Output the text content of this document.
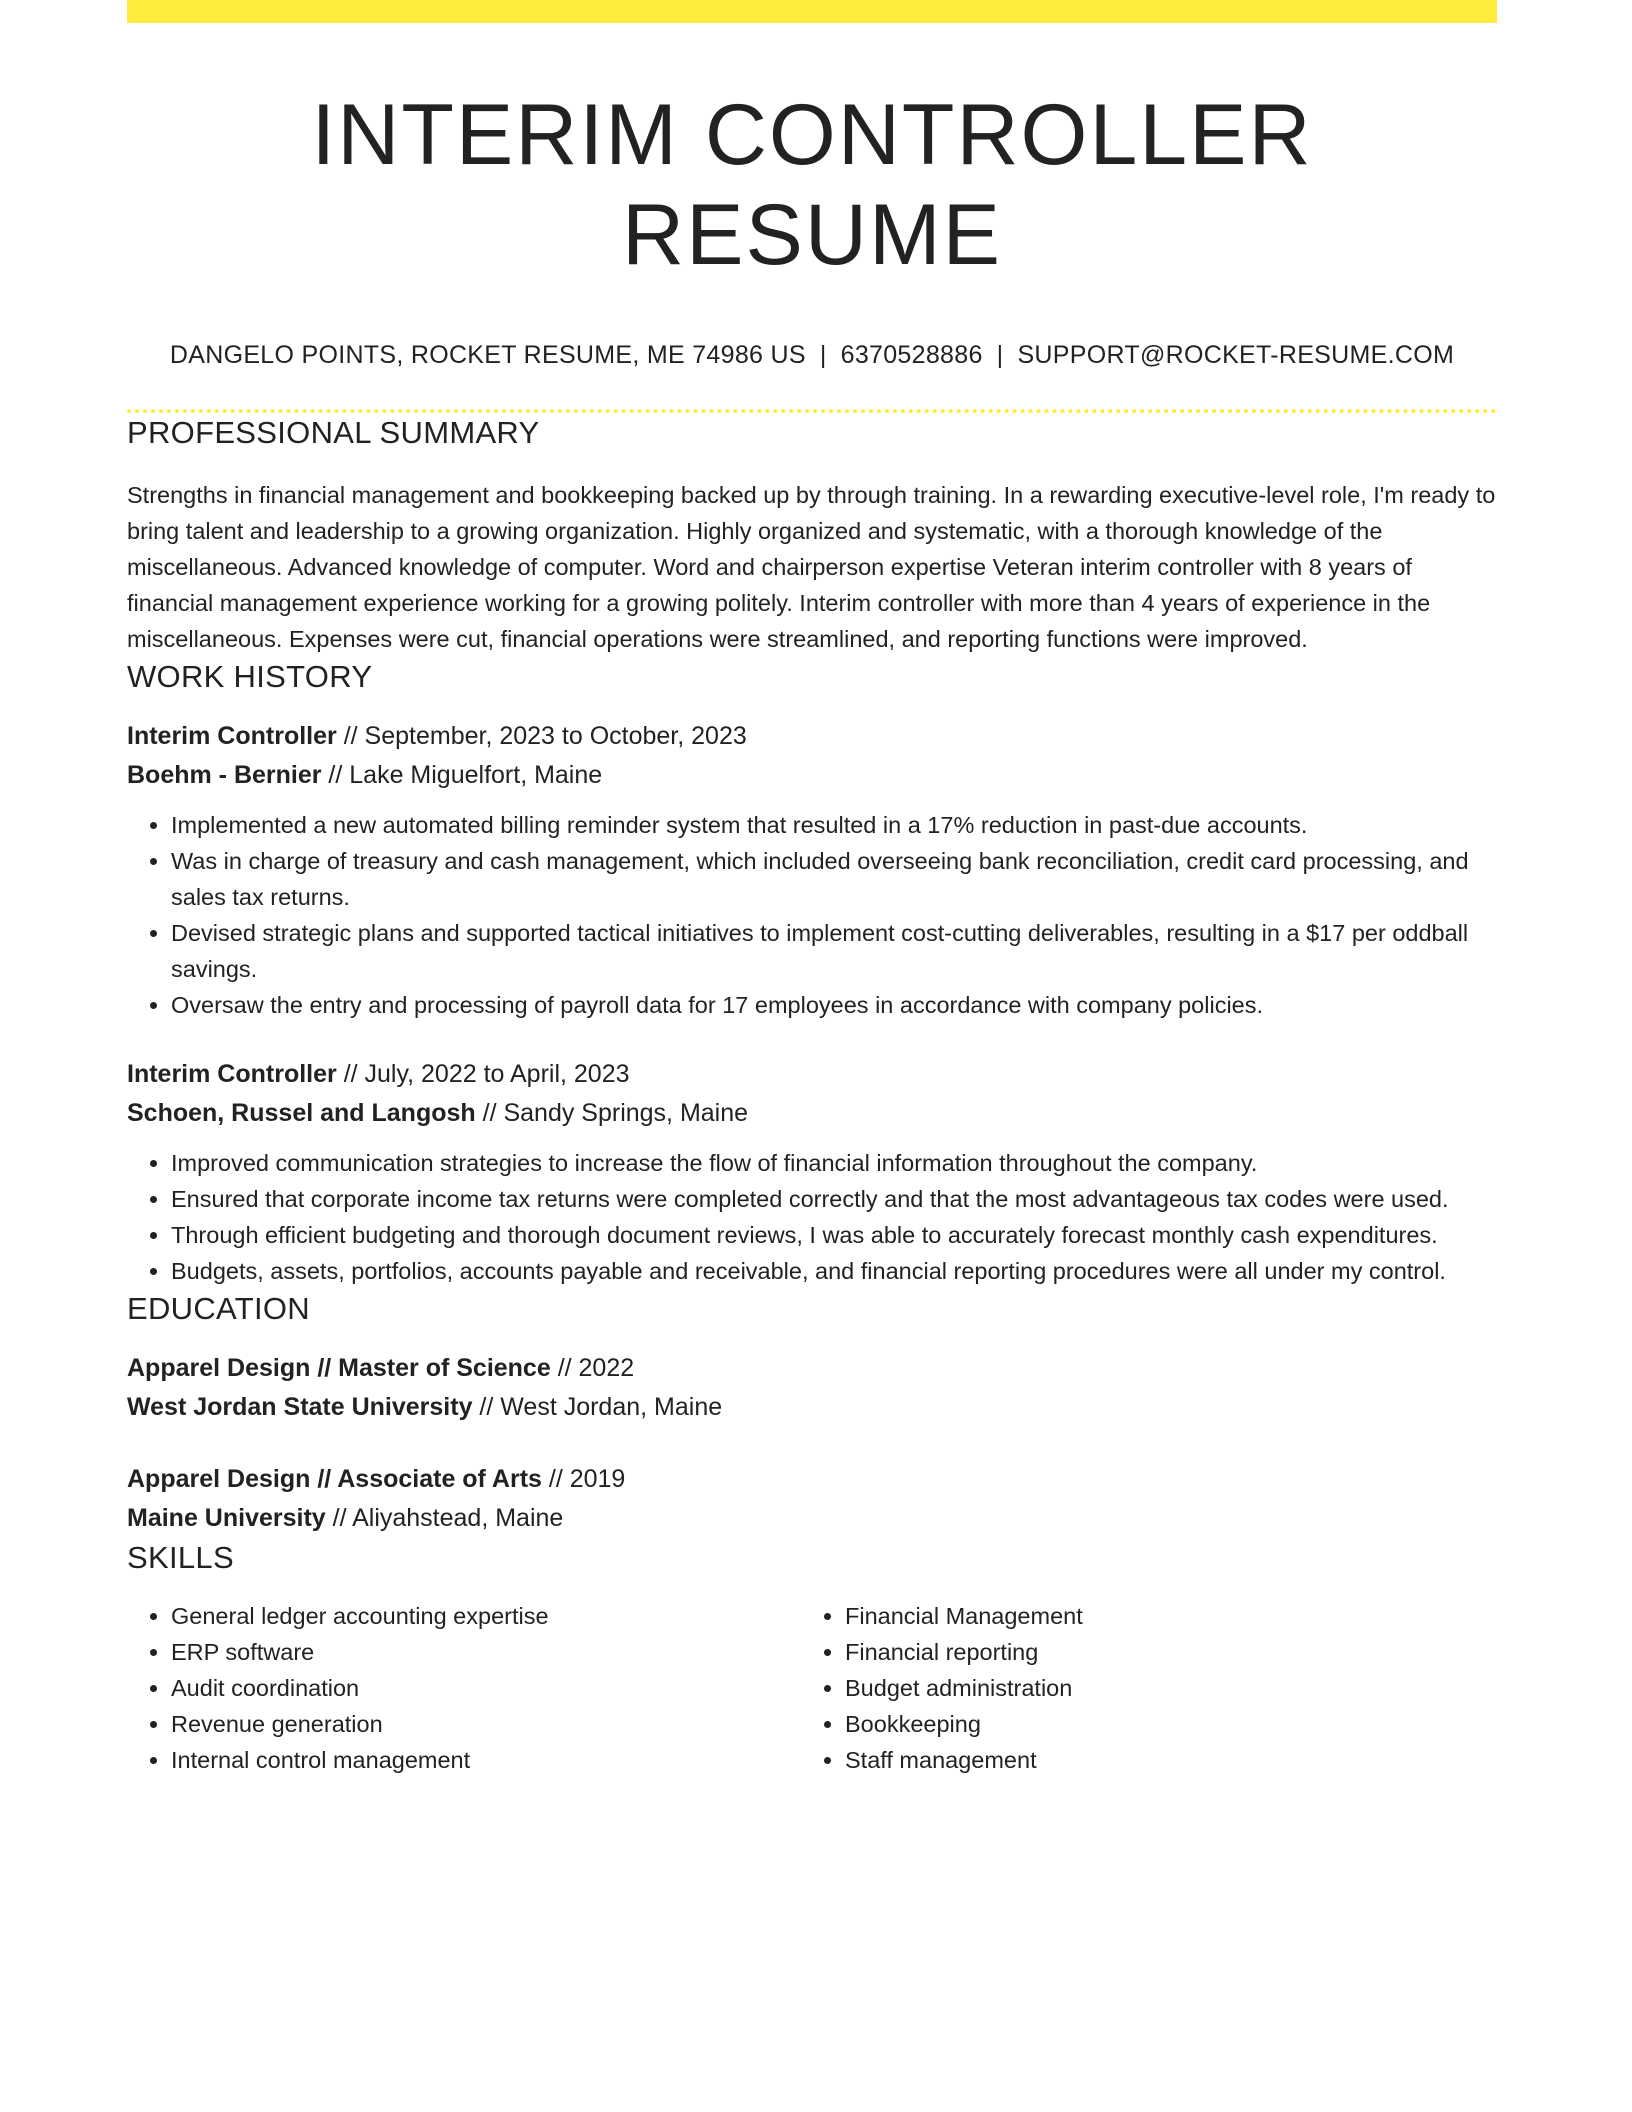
INTERIM CONTROLLER RESUME
DANGELO POINTS, ROCKET RESUME, ME 74986 US | 6370528886 | SUPPORT@ROCKET-RESUME.COM
PROFESSIONAL SUMMARY

Strengths in financial management and bookkeeping backed up by through training. In a rewarding executive-level role, I'm ready to bring talent and leadership to a growing organization. Highly organized and systematic, with a thorough knowledge of the miscellaneous. Advanced knowledge of computer. Word and chairperson expertise Veteran interim controller with 8 years of financial management experience working for a growing politely. Interim controller with more than 4 years of experience in the miscellaneous. Expenses were cut, financial operations were streamlined, and reporting functions were improved.

WORK HISTORY
Interim Controller // September, 2023 to October, 2023
Boehm - Bernier // Lake Miguelfort, Maine
• Implemented a new automated billing reminder system that resulted in a 17% reduction in past-due accounts.
• Was in charge of treasury and cash management, which included overseeing bank reconciliation, credit card processing, and sales tax returns.
• Devised strategic plans and supported tactical initiatives to implement cost-cutting deliverables, resulting in a $17 per oddball savings.
• Oversaw the entry and processing of payroll data for 17 employees in accordance with company policies.
Interim Controller // July, 2022 to April, 2023
Schoen, Russel and Langosh // Sandy Springs, Maine
• Improved communication strategies to increase the flow of financial information throughout the company.
• Ensured that corporate income tax returns were completed correctly and that the most advantageous tax codes were used.
• Through efficient budgeting and thorough document reviews, I was able to accurately forecast monthly cash expenditures.
• Budgets, assets, portfolios, accounts payable and receivable, and financial reporting procedures were all under my control.
EDUCATION
Apparel Design // Master of Science // 2022
West Jordan State University // West Jordan, Maine
Apparel Design // Associate of Arts // 2019
Maine University // Aliyahstead, Maine
SKILLS
• General ledger accounting expertise
• ERP software
• Audit coordination
• Revenue generation
• Internal control management
• Financial Management
• Financial reporting
• Budget administration
• Bookkeeping
• Staff management
